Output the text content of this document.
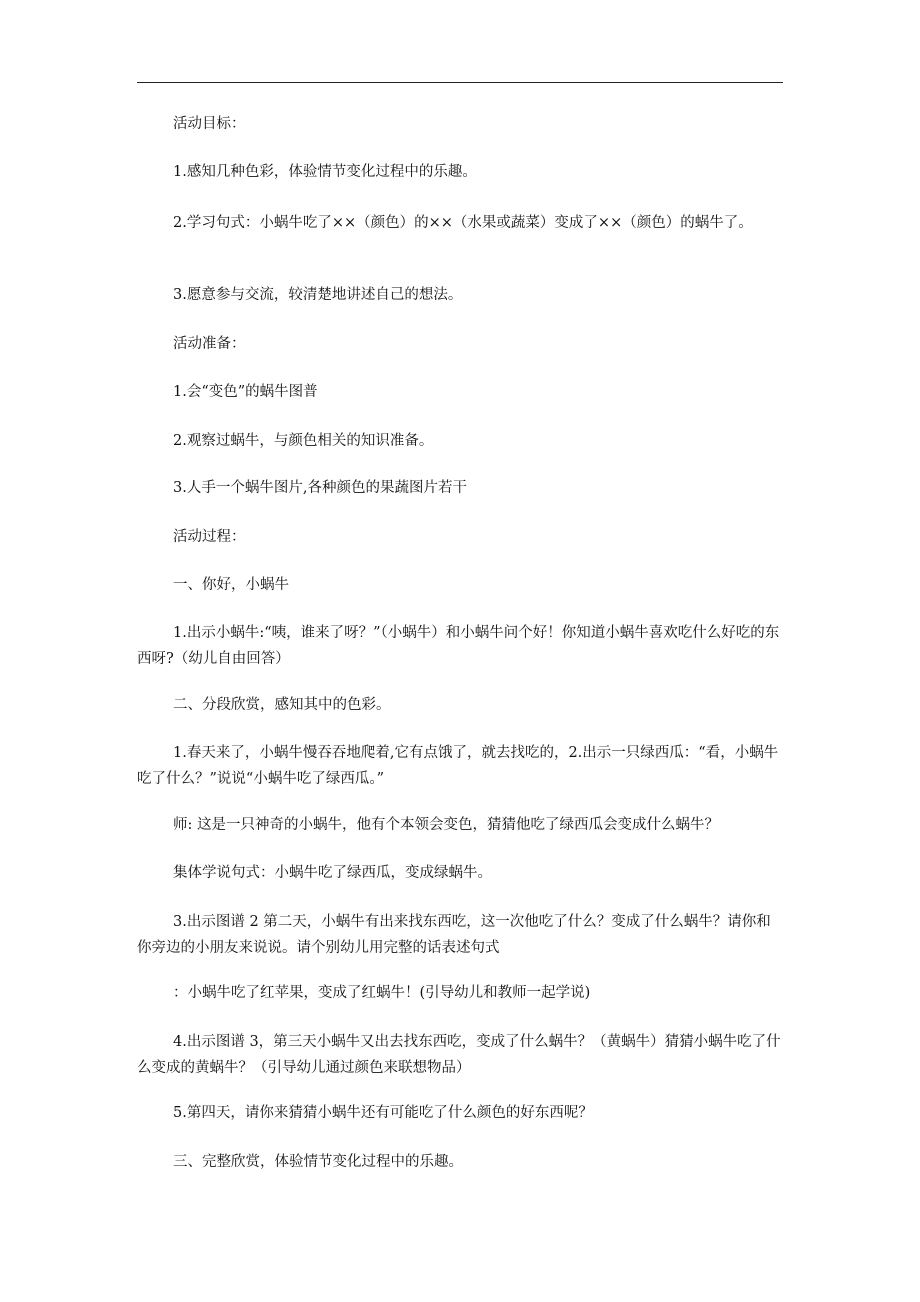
活动目标：

1.感知几种色彩，体验情节变化过程中的乐趣。

2.学习句式：小蜗牛吃了××（颜色）的××（水果或蔬菜）变成了××（颜色）的蜗牛了。

3.愿意参与交流，较清楚地讲述自己的想法。

活动准备：

1.会“变色”的蜗牛图普

2.观察过蜗牛，与颜色相关的知识准备。

3.人手一个蜗牛图片,各种颜色的果蔬图片若干

活动过程：

一、你好，小蜗牛

1.出示小蜗牛:“咦，谁来了呀？”（小蜗牛）和小蜗牛问个好！你知道小蜗牛喜欢吃什么好吃的东西呀?（幼儿自由回答）

二、分段欣赏，感知其中的色彩。

1.春天来了，小蜗牛慢吞吞地爬着,它有点饿了，就去找吃的，2.出示一只绿西瓜：“看，小蜗牛吃了什么？”说说“小蜗牛吃了绿西瓜。”

师: 这是一只神奇的小蜗牛，他有个本领会变色，猜猜他吃了绿西瓜会变成什么蜗牛？

集体学说句式：小蜗牛吃了绿西瓜，变成绿蜗牛。

3.出示图谱 2 第二天，小蜗牛有出来找东西吃，这一次他吃了什么？变成了什么蜗牛？请你和你旁边的小朋友来说说。请个别幼儿用完整的话表述句式

：小蜗牛吃了红苹果，变成了红蜗牛！(引导幼儿和教师一起学说)

4.出示图谱 3，第三天小蜗牛又出去找东西吃，变成了什么蜗牛？（黄蜗牛）猜猜小蜗牛吃了什么变成的黄蜗牛？（引导幼儿通过颜色来联想物品）

5.第四天，请你来猜猜小蜗牛还有可能吃了什么颜色的好东西呢？

三、完整欣赏，体验情节变化过程中的乐趣。
